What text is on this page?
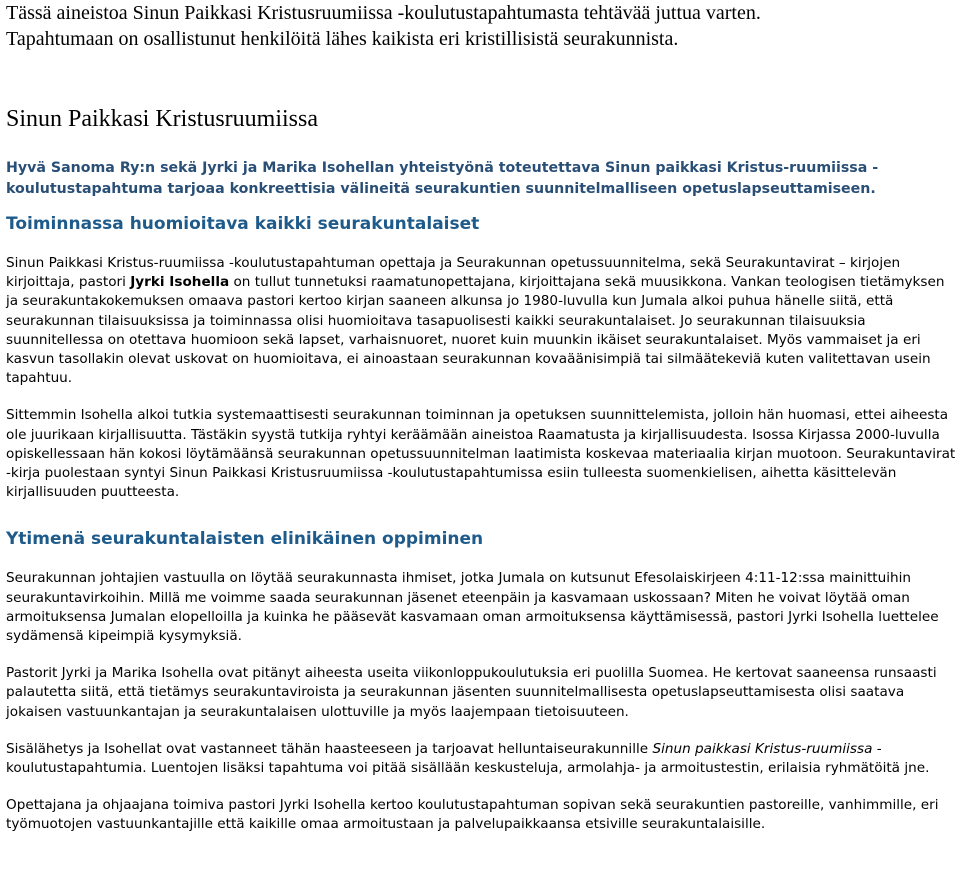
Tässä aineistoa Sinun Paikkasi Kristusruumiissa -koulutustapahtumasta tehtävää juttua varten.
Tapahtumaan on osallistunut henkilöitä lähes kaikista eri kristillisistä seurakunnista.
Sinun Paikkasi Kristusruumiissa

Hyvä Sanoma Ry:n sekä Jyrki ja Marika Isohellan yhteistyönä toteutettava Sinun paikkasi Kristus-ruumiissa -koulutustapahtuma tarjoaa konkreettisia välineitä seurakuntien suunnitelmalliseen opetuslapseuttamiseen.

Toiminnassa huomioitava kaikki seurakuntalaiset

Sinun Paikkasi Kristus-ruumiissa -koulutustapahtuman opettaja ja Seurakunnan opetussuunnitelma, sekä Seurakuntavirat – kirjojen kirjoittaja, pastori Jyrki Isohella on tullut tunnetuksi raamatunopettajana, kirjoittajana sekä muusikkona. Vankan teologisen tietämyksen ja seurakuntakokemuksen omaava pastori kertoo kirjan saaneen alkunsa jo 1980-luvulla kun Jumala alkoi puhua hänelle siitä, että seurakunnan tilaisuuksissa ja toiminnassa olisi huomioitava tasapuolisesti kaikki seurakuntalaiset. Jo seurakunnan tilaisuuksia suunnitellessa on otettava huomioon sekä lapset, varhaisnuoret, nuoret kuin muunkin ikäiset seurakuntalaiset. Myös vammaiset ja eri kasvun tasollakin olevat uskovat on huomioitava, ei ainoastaan seurakunnan kovaäänisimpiä tai silmäätekeviä kuten valitettavan usein tapahtuu.

Sittemmin Isohella alkoi tutkia systemaattisesti seurakunnan toiminnan ja opetuksen suunnittelemista, jolloin hän huomasi, ettei aiheesta ole juurikaan kirjallisuutta. Tästäkin syystä tutkija ryhtyi keräämään aineistoa Raamatusta ja kirjallisuudesta. Isossa Kirjassa 2000-luvulla opiskellessaan hän kokosi löytämäänsä seurakunnan opetussuunnitelman laatimista koskevaa materiaalia kirjan muotoon. Seurakuntavirat -kirja puolestaan syntyi Sinun Paikkasi Kristusruumiissa -koulutustapahtumissa esiin tulleesta suomenkielisen, aihetta käsittelevän kirjallisuuden puutteesta.

Ytimenä seurakuntalaisten elinikäinen oppiminen

Seurakunnan johtajien vastuulla on löytää seurakunnasta ihmiset, jotka Jumala on kutsunut Efesolaiskirjeen 4:11-12:ssa mainittuihin seurakuntavirkoihin. Millä me voimme saada seurakunnan jäsenet eteenpäin ja kasvamaan uskossaan? Miten he voivat löytää oman armoituksensa Jumalan elopelloilla ja kuinka he pääsevät kasvamaan oman armoituksensa käyttämisessä, pastori Jyrki Isohella luettelee sydämensä kipeimpiä kysymyksiä.

Pastorit Jyrki ja Marika Isohella ovat pitänyt aiheesta useita viikonloppukoulutuksia eri puolilla Suomea. He kertovat saaneensa runsaasti palautetta siitä, että tietämys seurakuntaviroista ja seurakunnan jäsenten suunnitelmallisesta opetuslapseuttamisesta olisi saatava jokaisen vastuunkantajan ja seurakuntalaisen ulottuville ja myös laajempaan tietoisuuteen.

Sisälähetys ja Isohellat ovat vastanneet tähän haasteeseen ja tarjoavat helluntaiseurakunnille Sinun paikkasi Kristus-ruumiissa -koulutustapahtumia. Luentojen lisäksi tapahtuma voi pitää sisällään keskusteluja, armolahja- ja armoitustestin, erilaisia ryhmätöitä jne.

Opettajana ja ohjaajana toimiva pastori Jyrki Isohella kertoo koulutustapahtuman sopivan sekä seurakuntien pastoreille, vanhimmille, eri työmuotojen vastuunkantajille että kaikille omaa armoitustaan ja palvelupaikkaansa etsiville seurakuntalaisille.
